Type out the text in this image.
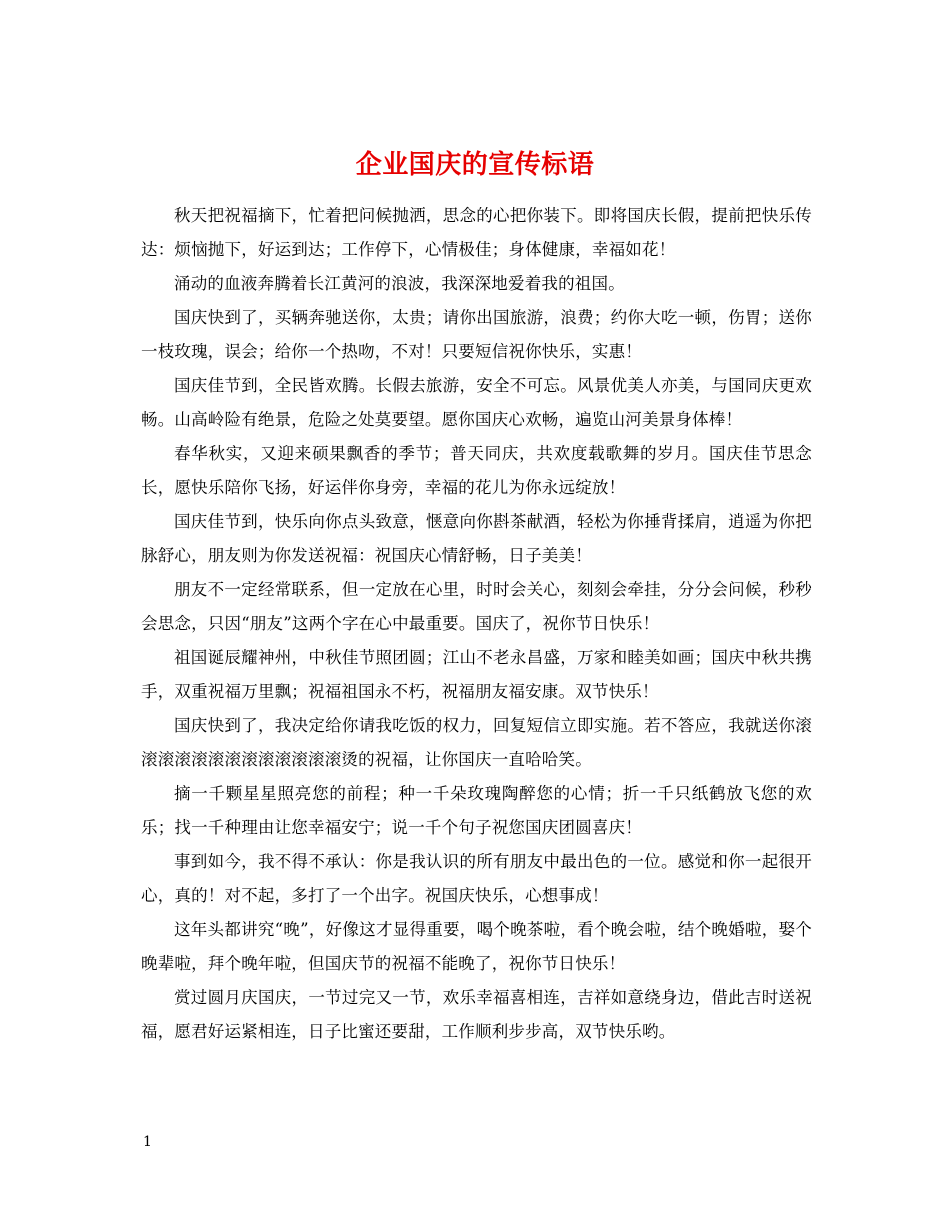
企业国庆的宣传标语

秋天把祝福摘下，忙着把问候抛洒，思念的心把你装下。即将国庆长假，提前把快乐传达：烦恼抛下，好运到达；工作停下，心情极佳；身体健康，幸福如花！

涌动的血液奔腾着长江黄河的浪波，我深深地爱着我的祖国。

国庆快到了，买辆奔驰送你，太贵；请你出国旅游，浪费；约你大吃一顿，伤胃；送你一枝玫瑰，误会；给你一个热吻，不对！只要短信祝你快乐，实惠！

国庆佳节到，全民皆欢腾。长假去旅游，安全不可忘。风景优美人亦美，与国同庆更欢畅。山高岭险有绝景，危险之处莫要望。愿你国庆心欢畅，遍览山河美景身体棒！

春华秋实，又迎来硕果飘香的季节；普天同庆，共欢度载歌舞的岁月。国庆佳节思念长，愿快乐陪你飞扬，好运伴你身旁，幸福的花儿为你永远绽放！

国庆佳节到，快乐向你点头致意，惬意向你斟茶献酒，轻松为你捶背揉肩，逍遥为你把脉舒心，朋友则为你发送祝福：祝国庆心情舒畅，日子美美！

朋友不一定经常联系，但一定放在心里，时时会关心，刻刻会牵挂，分分会问候，秒秒会思念，只因“朋友”这两个字在心中最重要。国庆了，祝你节日快乐！

祖国诞辰耀神州，中秋佳节照团圆；江山不老永昌盛，万家和睦美如画；国庆中秋共携手，双重祝福万里飘；祝福祖国永不朽，祝福朋友福安康。双节快乐！

国庆快到了，我决定给你请我吃饭的权力，回复短信立即实施。若不答应，我就送你滚滚滚滚滚滚滚滚滚滚滚滚滚烫的祝福，让你国庆一直哈哈笑。

摘一千颗星星照亮您的前程；种一千朵玫瑰陶醉您的心情；折一千只纸鹤放飞您的欢乐；找一千种理由让您幸福安宁；说一千个句子祝您国庆团圆喜庆！

事到如今，我不得不承认：你是我认识的所有朋友中最出色的一位。感觉和你一起很开心，真的！对不起，多打了一个出字。祝国庆快乐，心想事成！

这年头都讲究“晚”，好像这才显得重要，喝个晚茶啦，看个晚会啦，结个晚婚啦，娶个晚辈啦，拜个晚年啦，但国庆节的祝福不能晚了，祝你节日快乐！

赏过圆月庆国庆，一节过完又一节，欢乐幸福喜相连，吉祥如意绕身边，借此吉时送祝福，愿君好运紧相连，日子比蜜还要甜，工作顺利步步高，双节快乐哟。

1
